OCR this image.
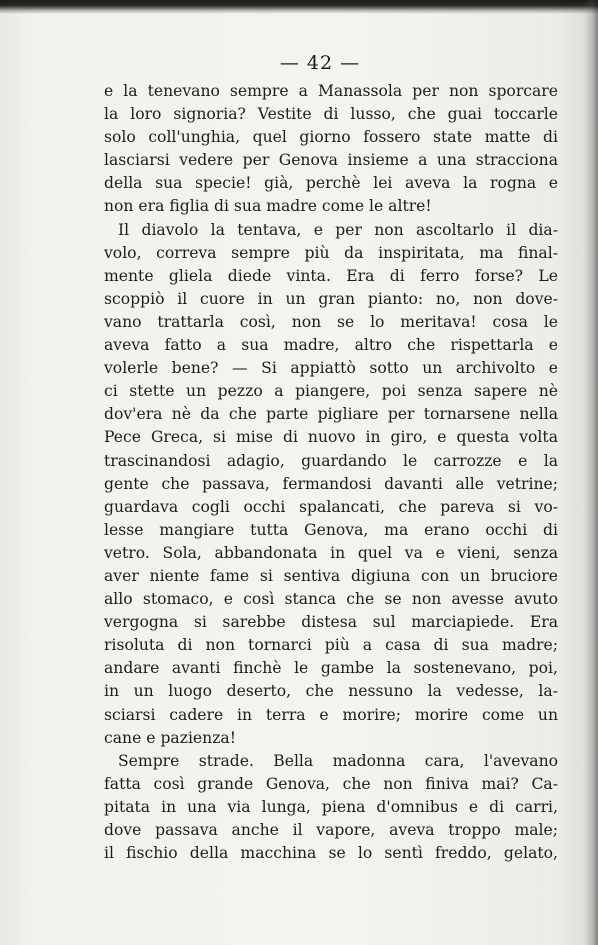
— 42 —
e la tenevano sempre a Manassola per non sporcare
la loro signoria? Vestite di lusso, che guai toccarle
solo coll'unghia, quel giorno fossero state matte di
lasciarsi vedere per Genova insieme a una stracciona
della sua specie! già, perchè lei aveva la rogna e
non era figlia di sua madre come le altre!
Il diavolo la tentava, e per non ascoltarlo il dia-
volo, correva sempre più da inspiritata, ma final-
mente gliela diede vinta. Era di ferro forse? Le
scoppiò il cuore in un gran pianto: no, non dove-
vano trattarla così, non se lo meritava! cosa le
aveva fatto a sua madre, altro che rispettarla e
volerle bene? — Si appiattò sotto un archivolto e
ci stette un pezzo a piangere, poi senza sapere nè
dov'era nè da che parte pigliare per tornarsene nella
Pece Greca, si mise di nuovo in giro, e questa volta
trascinandosi adagio, guardando le carrozze e la
gente che passava, fermandosi davanti alle vetrine;
guardava cogli occhi spalancati, che pareva si vo-
lesse mangiare tutta Genova, ma erano occhi di
vetro. Sola, abbandonata in quel va e vieni, senza
aver niente fame si sentiva digiuna con un bruciore
allo stomaco, e così stanca che se non avesse avuto
vergogna si sarebbe distesa sul marciapiede. Era
risoluta di non tornarci più a casa di sua madre;
andare avanti finchè le gambe la sostenevano, poi,
in un luogo deserto, che nessuno la vedesse, la-
sciarsi cadere in terra e morire; morire come un
cane e pazienza!
Sempre strade. Bella madonna cara, l'avevano
fatta così grande Genova, che non finiva mai? Ca-
pitata in una via lunga, piena d'omnibus e di carri,
dove passava anche il vapore, aveva troppo male;
il fischio della macchina se lo sentì freddo, gelato,
